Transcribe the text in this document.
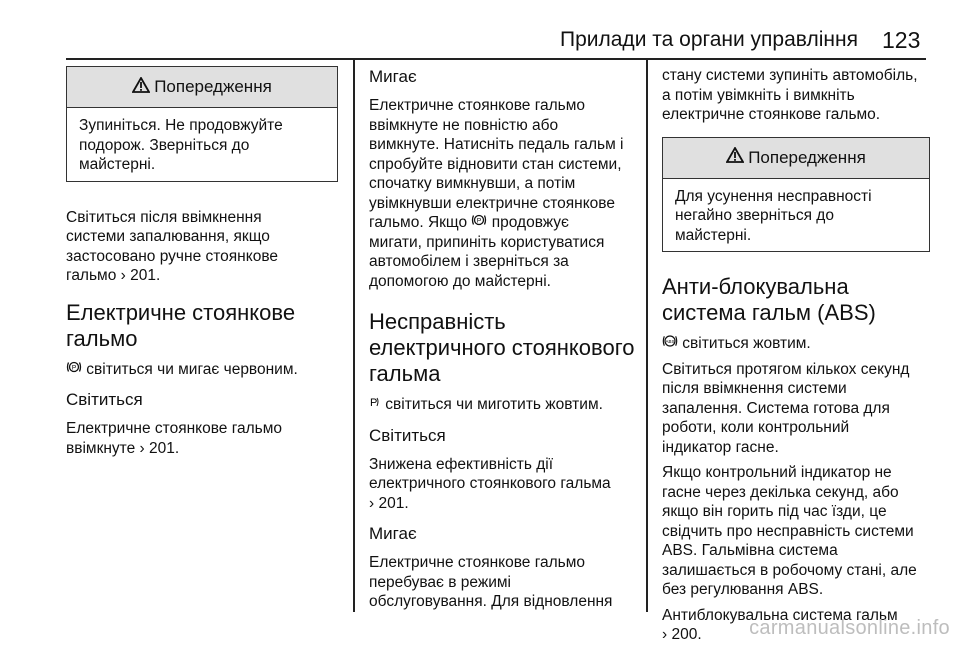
Прилади та органи управління 123
Попередження
Зупиніться. Не продовжуйте
подорож. Зверніться до
майстерні.
Світиться після ввімкнення
системи запалювання, якщо
застосовано ручне стоянкове
гальмо › 201.
Електричне стоянкове
гальмо
P світиться чи мигає червоним.
Світиться
Електричне стоянкове гальмо
ввімкнуте › 201.
Мигає
Електричне стоянкове гальмо
ввімкнуте не повністю або
вимкнуте. Натисніть педаль гальм і
спробуйте відновити стан системи,
спочатку вимкнувши, а потім
увімкнувши електричне стоянкове
гальмо. Якщо P продовжує
мигати, припиніть користуватися
автомобілем і зверніться за
допомогою до майстерні.
Несправність
електричного стоянкового
гальма
P світиться чи миготить жовтим.
Світиться
Знижена ефективність дії
електричного стоянкового гальма
› 201.
Мигає
Електричне стоянкове гальмо
перебуває в режимі
обслуговування. Для відновлення
стану системи зупиніть автомобіль,
а потім увімкніть і вимкніть
електричне стоянкове гальмо.
Попередження
Для усунення несправності
негайно зверніться до
майстерні.
Анти-блокувальна
система гальм (ABS)
ABS світиться жовтим.
Світиться протягом кількох секунд
після ввімкнення системи
запалення. Система готова для
роботи, коли контрольний
індикатор гасне.
Якщо контрольний індикатор не
гасне через декілька секунд, або
якщо він горить під час їзди, це
свідчить про несправність системи
ABS. Гальмівна система
залишається в робочому стані, але
без регулювання ABS.
Антиблокувальна система гальм
› 200.	carmanualsonline.info
